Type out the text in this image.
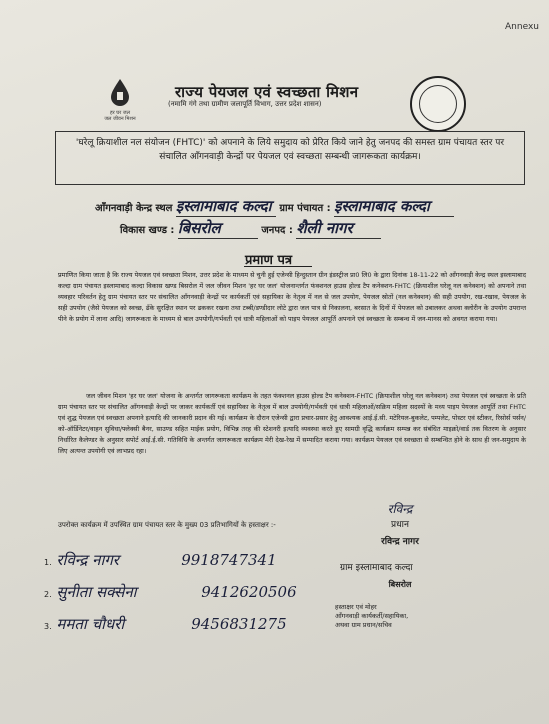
Annexu
हर घर जल
जल जीवन मिशन
राज्य पेयजल एवं स्वच्छता मिशन
(नमामि गंगे तथा ग्रामीण जलापूर्ति विभाग, उत्तर प्रदेश शासन)
'घरेलू क्रियाशील नल संयोजन (FHTC)' को अपनाने के लिये समुदाय को प्रेरित किये जाने हेतु जनपद की समस्त ग्राम पंचायत स्तर पर संचालित आँगनवाड़ी केन्द्रों पर पेयजल एवं स्वच्छता सम्बन्धी जागरूकता कार्यक्रम।
आँगनवाड़ी केन्द्र स्थल इस्लामाबाद कल्दा ग्राम पंचायत : इस्लामाबाद कल्दा
विकास खण्ड : बिसरोल	जनपद : शैली नागर
प्रमाण पत्र
प्रमाणित किया जाता है कि राज्य पेयजल एवं स्वच्छता मिशन, उत्तर प्रदेश के माध्यम से चुनी हुई एजेन्सी हिन्दुस्तान ग्रीन इंडस्ट्रीज प्रा0 लि0 के द्वारा दिनांक 18-11-22 को आँगनवाड़ी केन्द्र स्थल इस्लामाबाद कल्दा ग्राम पंचायत इस्लामाबाद कल्दा विकास खण्ड बिसरोल में जल जीवन मिशन 'हर घर जल' योजनान्तर्गत फंक्शनल हाउस होल्ड टैप कनेक्शन-FHTC (क्रियाशील घरेलू नल कनेक्शन) को अपनाने तथा व्यवहार परिवर्तन हेतु ग्राम पंचायत स्तर पर संचालित आँगनवाड़ी केन्द्रों पर कार्यकर्ती एवं सहायिका के नेतृत्व में नल से जल उपयोग, पेयजल स्रोतों (नल कनेक्शन) की सही उपयोग, रख-रखाव, पेयजल के सही उपयोग (जैसे पेयजल को स्वच्छ, ढँके सुरक्षित स्थान पर ढककर रखना तथा टब्बी/डण्डीदार लोटे द्वारा जल पात्र से निकालना, बरसात के दिनों में पेयजल को उबालकर अथवा क्लोरीन के उपयोग उपरान्त पीने के प्रयोग में लाना आदि) जागरूकता के माध्यम से बाल उपयोगी/गर्भवती एवं धात्री महिलाओं को पाइप पेयजल आपूर्ति अपनाने एवं स्वच्छता के सम्बन्ध में जन-मानस को अवगत कराया गया।
जल जीवन मिशन 'हर घर जल' योजना के अन्तर्गत जागरूकता कार्यक्रम के तहत फंक्शनल हाउस होल्ड टैप कनेक्शन-FHTC (क्रियाशील घरेलू नल कनेक्शन) तथा पेयजल एवं स्वच्छता के प्रति ग्राम पंचायत स्तर पर संचालित आँगनवाड़ी केन्द्रों पर जाकर कार्यकर्ती एवं सहायिका के नेतृत्व में बाल उपयोगी/गर्भवती एवं धात्री महिलाओं/सक्रिय महिला सदस्यों के मध्य पाइप पेयजल आपूर्ति तथा FHTC एवं शुद्ध पेयजल एवं स्वच्छता अपनाने इत्यादि की जानकारी प्रदान की गई। कार्यक्रम के दौरान एजेन्सी द्वारा प्रचार-प्रसार हेतु आवश्यक आई.ई.सी. मटेरियल-बुकलेट, पम्पलेट, पोस्टर एवं स्टीकर, रिसोर्स पर्सन/को-ऑर्डिनेटर/वाहन सुविधा/फ्लेक्सी बैनर, साउण्ड सहित माईक प्रयोग, विभिन्न तरह की स्टेशनरी इत्यादि व्यवस्था करते हुए सामग्री वृद्धि कार्यक्रम सम्पन्न कर संबंधित माइक्रो/वार्ड तक वितरण के अनुसार निर्धारित कैलेण्डर के अनुसार सपोर्ट आई.ई.सी. गतिविधि के अन्तर्गत जागरूकता कार्यक्रम मेरी देख-रेख में सम्पादित कराया गया। कार्यक्रम पेयजल एवं स्वच्छता से सम्बन्धित होने के साथ ही जन-समुदाय के लिए अत्यन्त उपयोगी एवं लाभप्रद रहा।
रविन्द्र
प्रधान
रविन्द्र नागर
ग्राम इस्लामाबाद कल्दा
उपरोक्त कार्यक्रम में उपस्थित ग्राम पंचायत स्तर के मुख्य 03 प्रतिभागियों के हस्ताक्षर :-
1. रविन्द्र नागर	9918747341
2. सुनीता सक्सेना	9412620506
3. ममता चौधरी	9456831275
बिसरोल
हस्ताक्षर एवं मोहर
आँगनवाड़ी कार्यकर्ती/सहायिका,
अथवा ग्राम प्रधान/सचिव
